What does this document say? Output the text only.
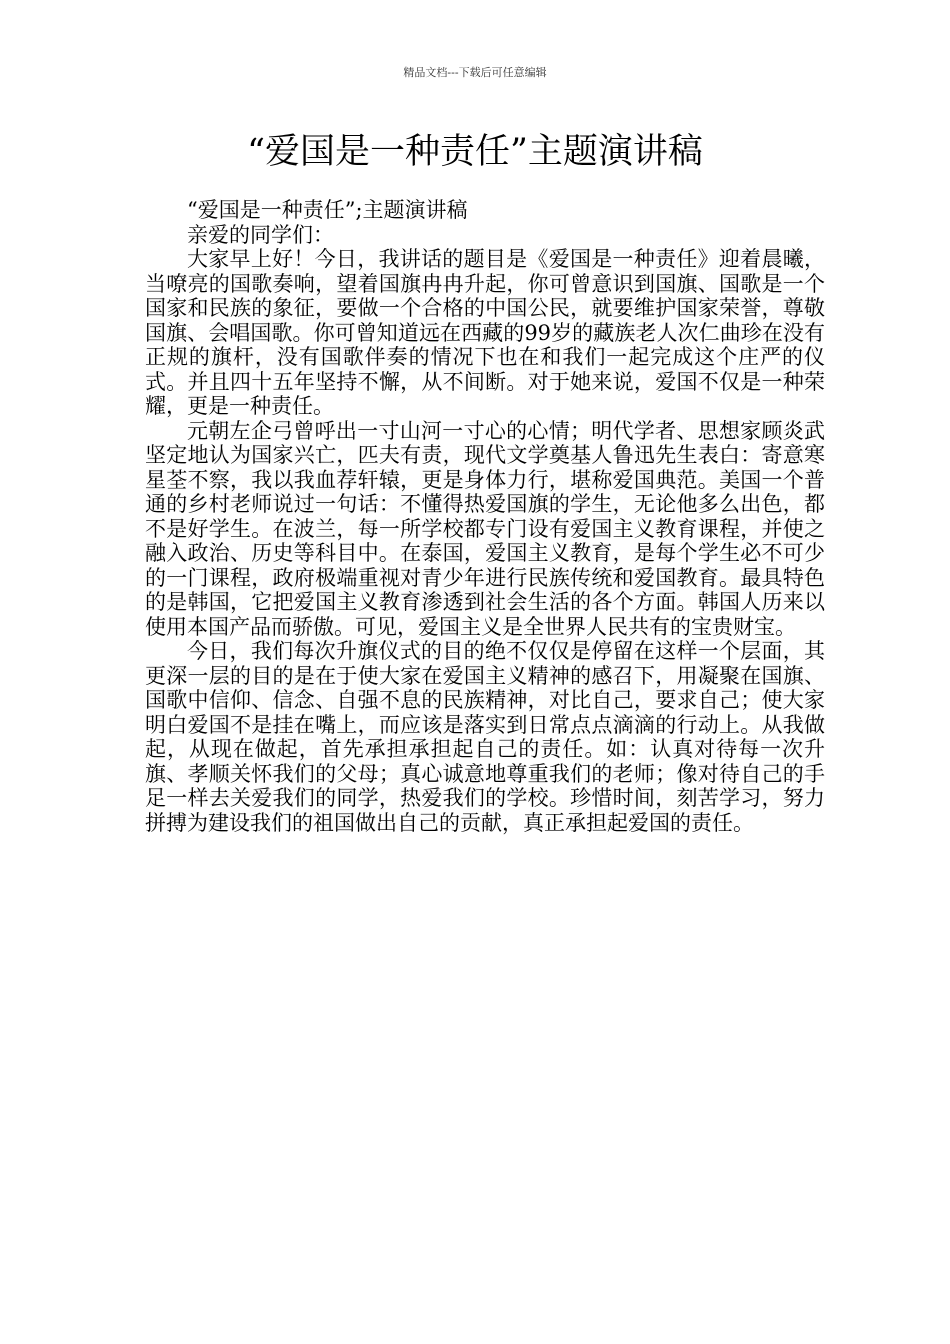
精品文档---下载后可任意编辑
“爱国是一种责任”主题演讲稿

“爱国是一种责任”;主题演讲稿

亲爱的同学们：

大家早上好！今日，我讲话的题目是《爱国是一种责任》迎着晨曦，当嘹亮的国歌奏响，望着国旗冉冉升起，你可曾意识到国旗、国歌是一个国家和民族的象征，要做一个合格的中国公民，就要维护国家荣誉，尊敬国旗、会唱国歌。你可曾知道远在西藏的99岁的藏族老人次仁曲珍在没有正规的旗杆，没有国歌伴奏的情况下也在和我们一起完成这个庄严的仪式。并且四十五年坚持不懈，从不间断。对于她来说，爱国不仅是一种荣耀，更是一种责任。

元朝左企弓曾呼出一寸山河一寸心的心情；明代学者、思想家顾炎武坚定地认为国家兴亡，匹夫有责，现代文学奠基人鲁迅先生表白：寄意寒星荃不察，我以我血荐轩辕，更是身体力行，堪称爱国典范。美国一个普通的乡村老师说过一句话：不懂得热爱国旗的学生，无论他多么出色，都不是好学生。在波兰，每一所学校都专门设有爱国主义教育课程，并使之融入政治、历史等科目中。在泰国，爱国主义教育，是每个学生必不可少的一门课程，政府极端重视对青少年进行民族传统和爱国教育。最具特色的是韩国，它把爱国主义教育渗透到社会生活的各个方面。韩国人历来以使用本国产品而骄傲。可见，爱国主义是全世界人民共有的宝贵财宝。

今日，我们每次升旗仪式的目的绝不仅仅是停留在这样一个层面，其更深一层的目的是在于使大家在爱国主义精神的感召下，用凝聚在国旗、国歌中信仰、信念、自强不息的民族精神，对比自己，要求自己；使大家明白爱国不是挂在嘴上，而应该是落实到日常点点滴滴的行动上。从我做起，从现在做起，首先承担承担起自己的责任。如：认真对待每一次升旗、孝顺关怀我们的父母；真心诚意地尊重我们的老师；像对待自己的手足一样去关爱我们的同学，热爱我们的学校。珍惜时间，刻苦学习，努力拼搏为建设我们的祖国做出自己的贡献，真正承担起爱国的责任。
